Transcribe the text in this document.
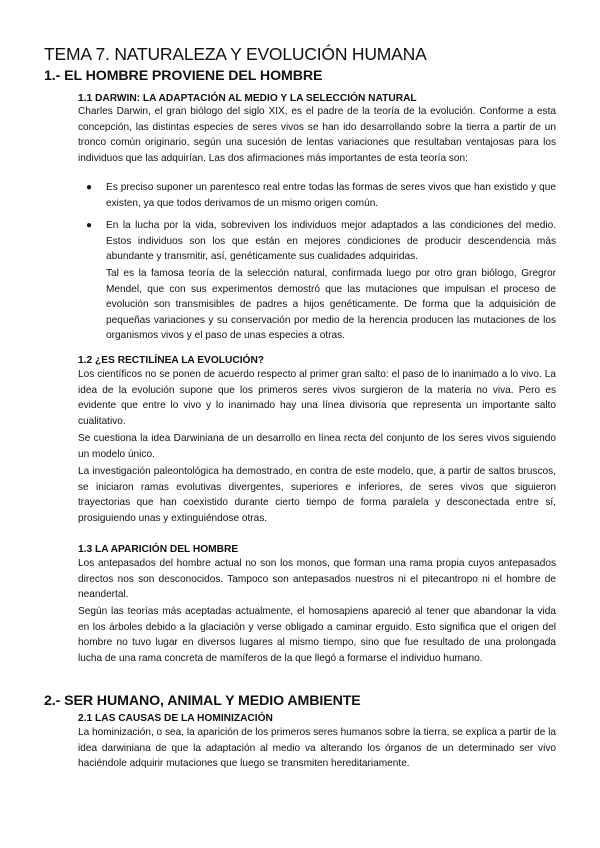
TEMA 7. NATURALEZA Y EVOLUCIÓN HUMANA
1.- EL HOMBRE PROVIENE DEL HOMBRE
1.1 DARWIN: LA ADAPTACIÓN AL MEDIO Y LA SELECCIÓN NATURAL

Charles Darwin, el gran biólogo del siglo XIX, es el padre de la teoría de la evolución. Conforme a esta concepción, las distintas especies de seres vivos se han ido desarrollando sobre la tierra a partir de un tronco común originario, según una sucesión de lentas variaciones que resultaban ventajosas para los individuos que las adquirían. Las dos afirmaciones más importantes de esta teoría son:

● Es preciso suponer un parentesco real entre todas las formas de seres vivos que han existido y que existen, ya que todos derivamos de un mismo origen común.
● En la lucha por la vida, sobreviven los individuos mejor adaptados a las condiciones del medio. Estos individuos son los que están en mejores condiciones de producir descendencia más abundante y transmitir, así, genéticamente sus cualidades adquiridas.

Tal es la famosa teoría de la selección natural, confirmada luego por otro gran biólogo, Gregror Mendel, que con sus experimentos demostró que las mutaciones que impulsan el proceso de evolución son transmisibles de padres a hijos genéticamente. De forma que la adquisición de pequeñas variaciones y su conservación por medio de la herencia producen las mutaciones de los organismos vivos y el paso de unas especies a otras.

1.2 ¿ES RECTILÍNEA LA EVOLUCIÓN?

Los científicos no se ponen de acuerdo respecto al primer gran salto: el paso de lo inanimado a lo vivo. La idea de la evolución supone que los primeros seres vivos surgieron de la materia no viva. Pero es evidente que entre lo vivo y lo inanimado hay una línea divisoria que representa un importante salto cualitativo.

Se cuestiona la idea Darwiniana de un desarrollo en línea recta del conjunto de los seres vivos siguiendo un modelo único.

La investigación paleontológica ha demostrado, en contra de este modelo, que, a partir de saltos bruscos, se iniciaron ramas evolutivas divergentes, superiores e inferiores, de seres vivos que siguieron trayectorias que han coexistido durante cierto tiempo de forma paralela y desconectada entre sí, prosiguiendo unas y extinguiéndose otras.

1.3 LA APARICIÓN DEL HOMBRE

Los antepasados del hombre actual no son los monos, que forman una rama propia cuyos antepasados directos nos son desconocidos. Tampoco son antepasados nuestros ni el pitecantropo ni el hombre de neandertal.

Según las teorías más aceptadas actualmente, el homosapiens apareció al tener que abandonar la vida en los árboles debido a la glaciación y verse obligado a caminar erguido. Esto significa que el origen del hombre no tuvo lugar en diversos lugares al mismo tiempo, sino que fue resultado de una prolongada lucha de una rama concreta de mamíferos de la que llegó a formarse el individuo humano.

2.- SER HUMANO, ANIMAL Y MEDIO AMBIENTE
2.1 LAS CAUSAS DE LA HOMINIZACIÓN

La hominización, o sea, la aparición de los primeros seres humanos sobre la tierra, se explica a partir de la idea darwiniana de que la adaptación al medio va alterando los órganos de un determinado ser vivo haciéndole adquirir mutaciones que luego se transmiten hereditariamente.
